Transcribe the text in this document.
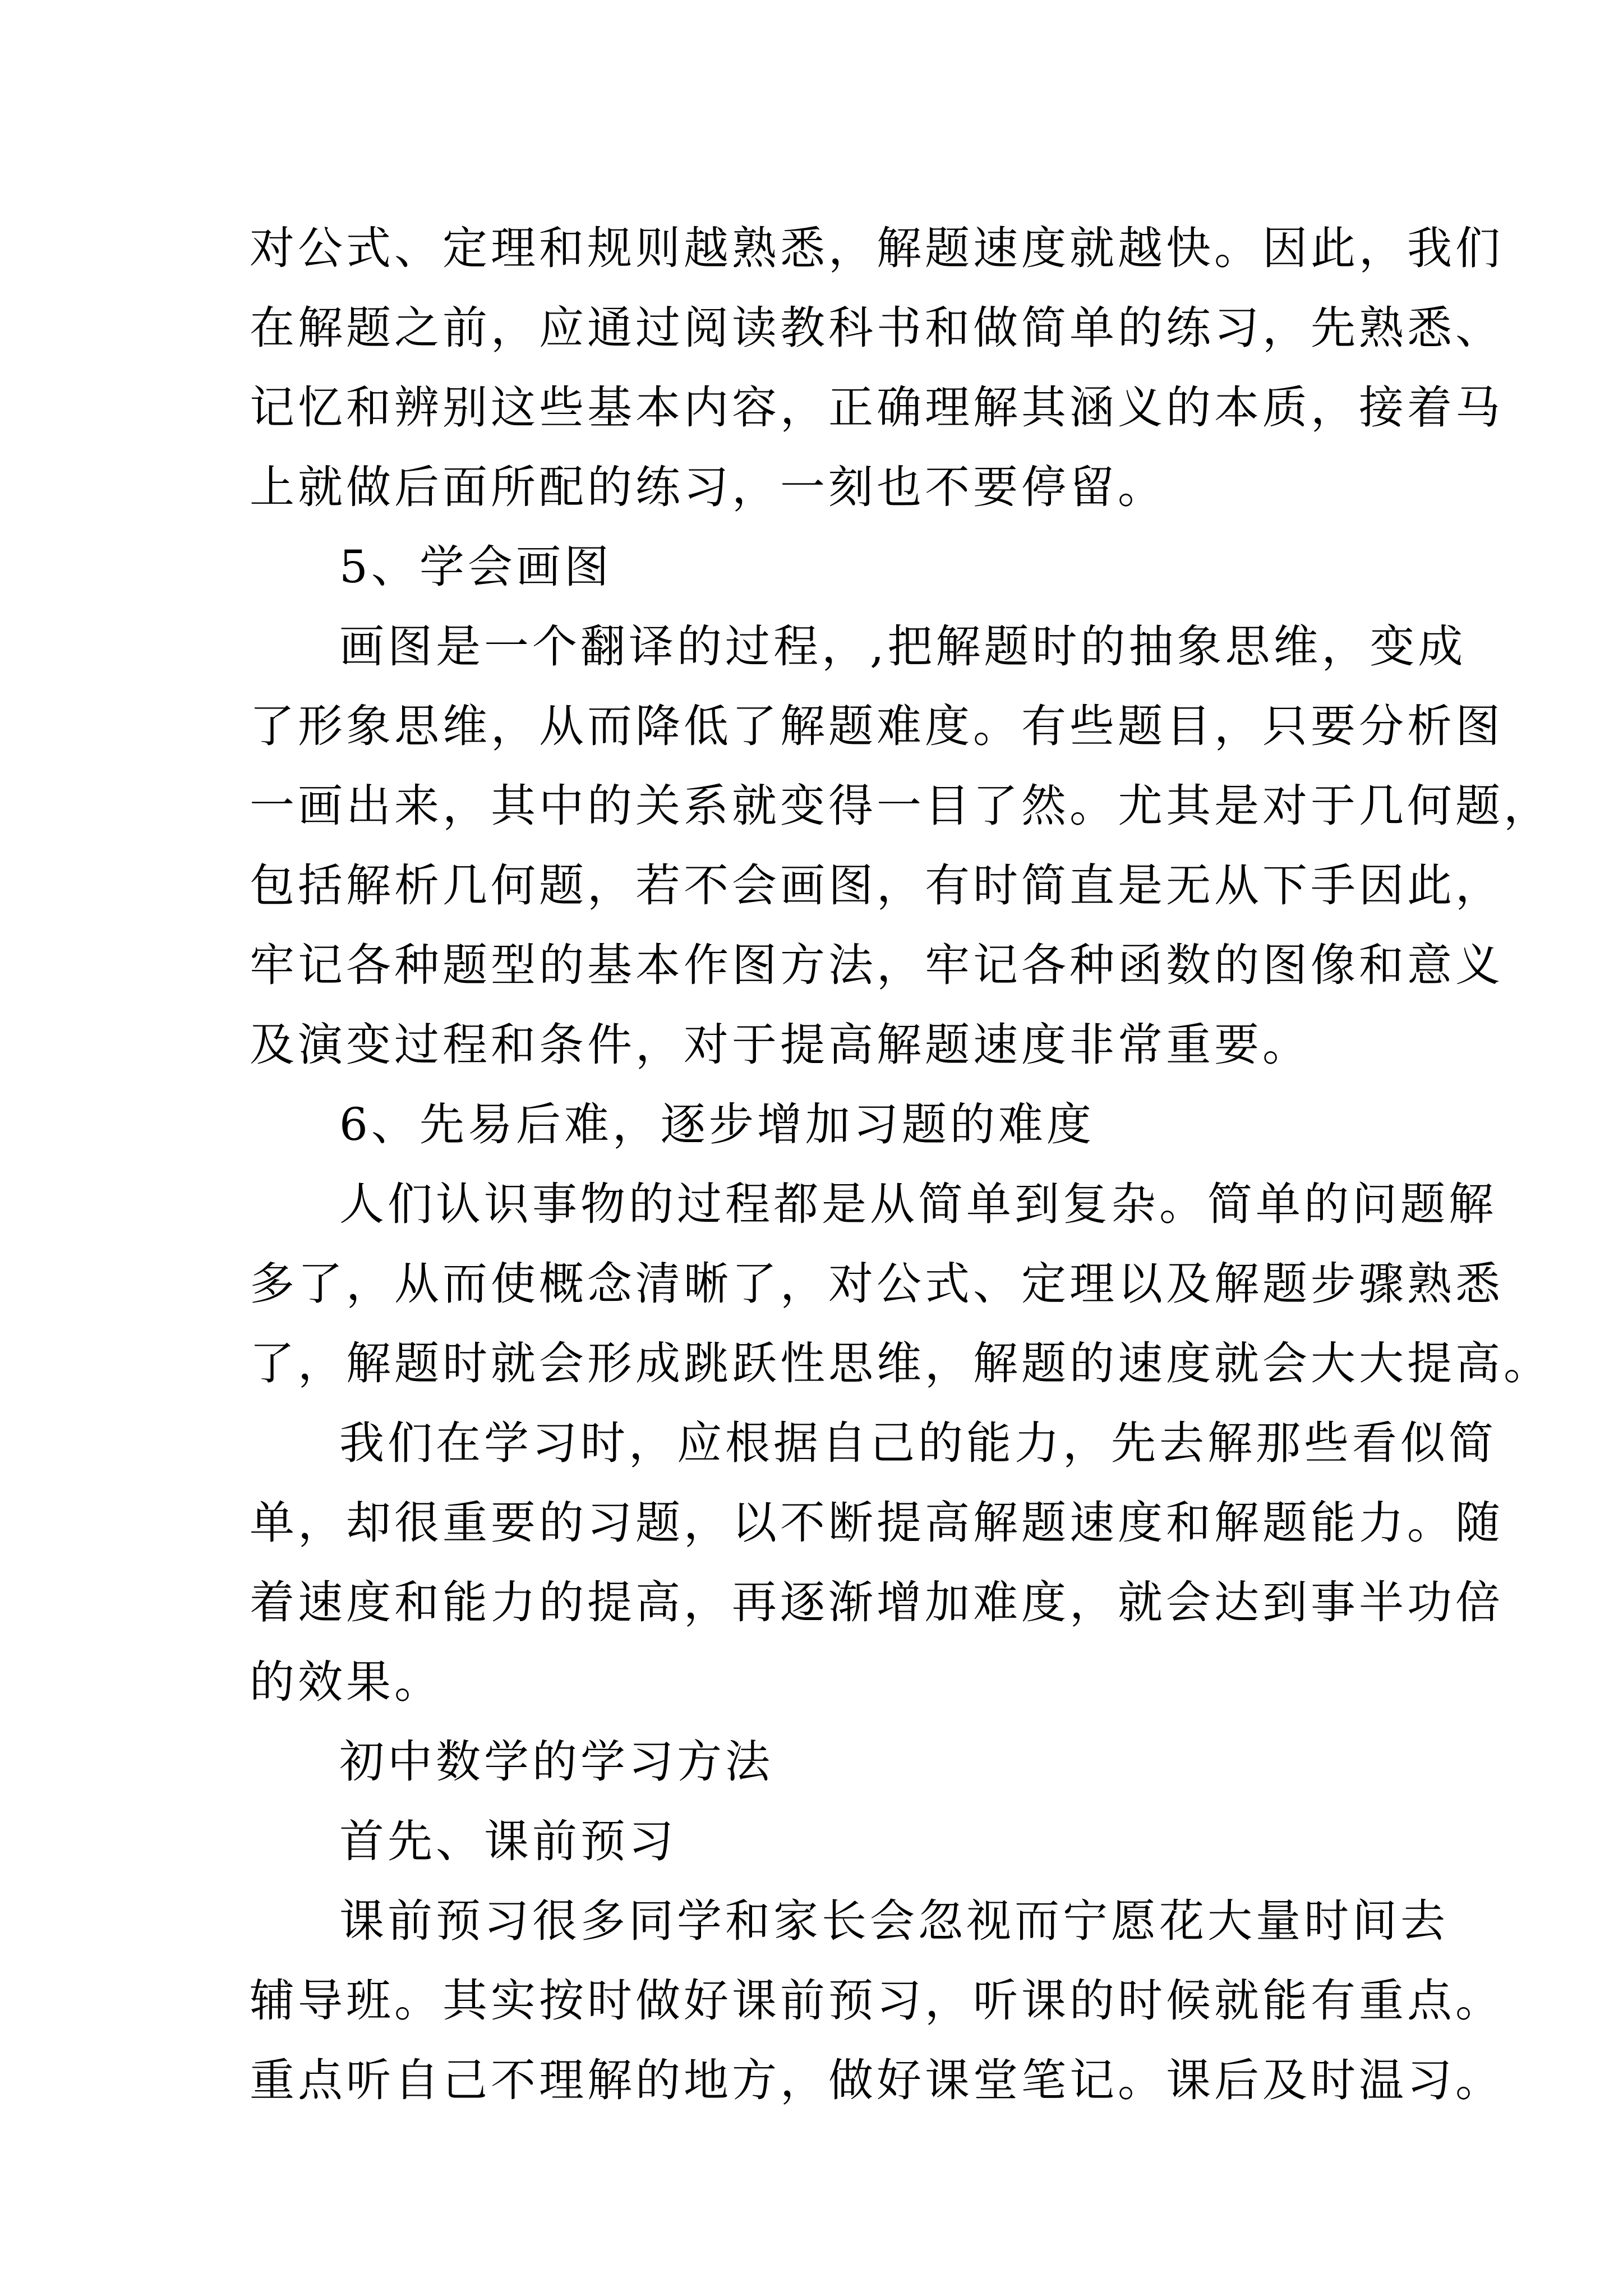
对公式、定理和规则越熟悉，解题速度就越快。因此，我们
在解题之前，应通过阅读教科书和做简单的练习，先熟悉、
记忆和辨别这些基本内容，正确理解其涵义的本质，接着马
上就做后面所配的练习，一刻也不要停留。
5、学会画图
画图是一个翻译的过程，,把解题时的抽象思维，变成
了形象思维，从而降低了解题难度。有些题目，只要分析图
一画出来，其中的关系就变得一目了然。尤其是对于几何题，
包括解析几何题，若不会画图，有时简直是无从下手因此，
牢记各种题型的基本作图方法，牢记各种函数的图像和意义
及演变过程和条件，对于提高解题速度非常重要。
6、先易后难，逐步增加习题的难度
人们认识事物的过程都是从简单到复杂。简单的问题解
多了，从而使概念清晰了，对公式、定理以及解题步骤熟悉
了，解题时就会形成跳跃性思维，解题的速度就会大大提高。
我们在学习时，应根据自己的能力，先去解那些看似简
单，却很重要的习题，以不断提高解题速度和解题能力。随
着速度和能力的提高，再逐渐增加难度，就会达到事半功倍
的效果。
初中数学的学习方法
首先、课前预习
课前预习很多同学和家长会忽视而宁愿花大量时间去
辅导班。其实按时做好课前预习，听课的时候就能有重点。
重点听自己不理解的地方，做好课堂笔记。课后及时温习。
